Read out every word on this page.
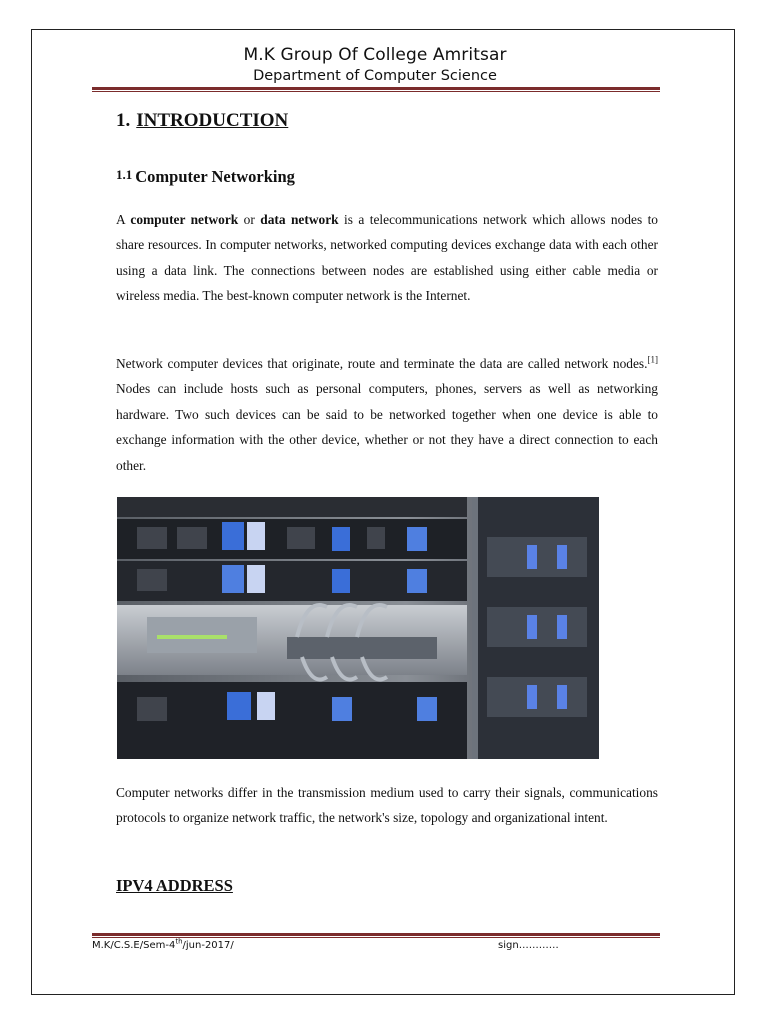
M.K Group Of College Amritsar
Department of Computer Science
1. INTRODUCTION
1.1 Computer Networking

A computer network or data network is a telecommunications network which allows nodes to share resources. In computer networks, networked computing devices exchange data with each other using a data link. The connections between nodes are established using either cable media or wireless media. The best-known computer network is the Internet.

Network computer devices that originate, route and terminate the data are called network nodes.[1] Nodes can include hosts such as personal computers, phones, servers as well as networking hardware. Two such devices can be said to be networked together when one device is able to exchange information with the other device, whether or not they have a direct connection to each other.

Computer networks differ in the transmission medium used to carry their signals, communications protocols to organize network traffic, the network's size, topology and organizational intent.

IPV4 ADDRESS
M.K/C.S.E/Sem-4th/jun-2017/	sign…………
